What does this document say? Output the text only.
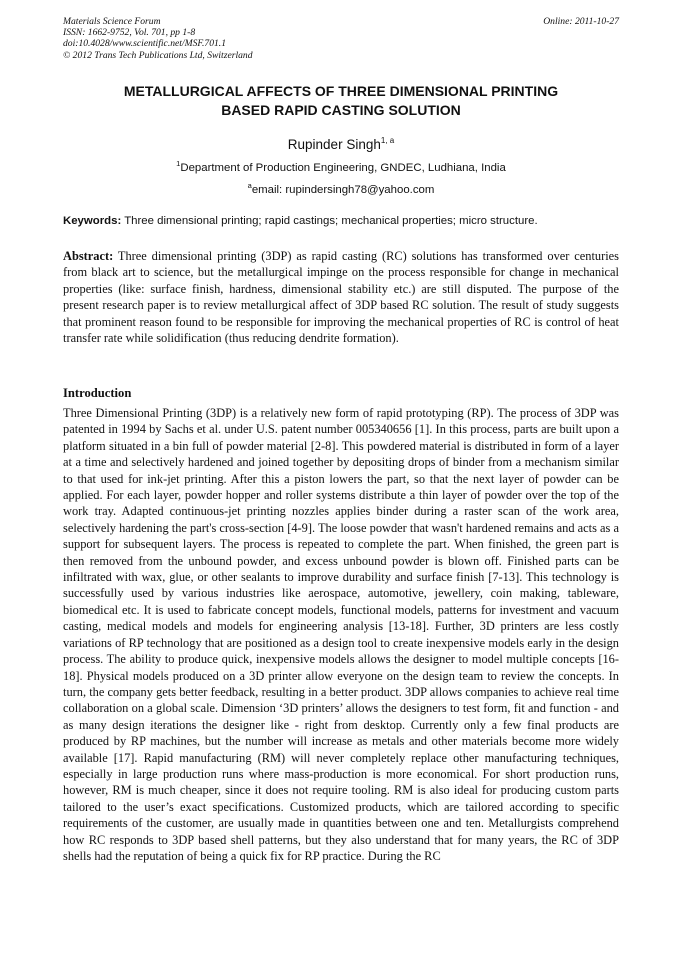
Materials Science Forum
ISSN: 1662-9752, Vol. 701, pp 1-8
doi:10.4028/www.scientific.net/MSF.701.1
© 2012 Trans Tech Publications Ltd, Switzerland
Online: 2011-10-27
METALLURGICAL AFFECTS OF THREE DIMENSIONAL PRINTING
BASED RAPID CASTING SOLUTION
Rupinder Singh$^{1, a}$
$^1$Department of Production Engineering, GNDEC, Ludhiana, India
$^a$email: rupindersingh78@yahoo.com
Keywords: Three dimensional printing; rapid castings; mechanical properties; micro structure.
Abstract: Three dimensional printing (3DP) as rapid casting (RC) solutions has transformed over centuries from black art to science, but the metallurgical impinge on the process responsible for change in mechanical properties (like: surface finish, hardness, dimensional stability etc.) are still disputed. The purpose of the present research paper is to review metallurgical affect of 3DP based RC solution. The result of study suggests that prominent reason found to be responsible for improving the mechanical properties of RC is control of heat transfer rate while solidification (thus reducing dendrite formation).
Introduction
Three Dimensional Printing (3DP) is a relatively new form of rapid prototyping (RP). The process of 3DP was patented in 1994 by Sachs et al. under U.S. patent number 005340656 [1]. In this process, parts are built upon a platform situated in a bin full of powder material [2-8]. This powdered material is distributed in form of a layer at a time and selectively hardened and joined together by depositing drops of binder from a mechanism similar to that used for ink-jet printing. After this a piston lowers the part, so that the next layer of powder can be applied. For each layer, powder hopper and roller systems distribute a thin layer of powder over the top of the work tray. Adapted continuous-jet printing nozzles applies binder during a raster scan of the work area, selectively hardening the part's cross-section [4-9]. The loose powder that wasn't hardened remains and acts as a support for subsequent layers. The process is repeated to complete the part. When finished, the green part is then removed from the unbound powder, and excess unbound powder is blown off. Finished parts can be infiltrated with wax, glue, or other sealants to improve durability and surface finish [7-13]. This technology is successfully used by various industries like aerospace, automotive, jewellery, coin making, tableware, biomedical etc. It is used to fabricate concept models, functional models, patterns for investment and vacuum casting, medical models and models for engineering analysis [13-18]. Further, 3D printers are less costly variations of RP technology that are positioned as a design tool to create inexpensive models early in the design process. The ability to produce quick, inexpensive models allows the designer to model multiple concepts [16-18]. Physical models produced on a 3D printer allow everyone on the design team to review the concepts. In turn, the company gets better feedback, resulting in a better product. 3DP allows companies to achieve real time collaboration on a global scale. Dimension ‘3D printers’ allows the designers to test form, fit and function - and as many design iterations the designer like - right from desktop. Currently only a few final products are produced by RP machines, but the number will increase as metals and other materials become more widely available [17]. Rapid manufacturing (RM) will never completely replace other manufacturing techniques, especially in large production runs where mass-production is more economical. For short production runs, however, RM is much cheaper, since it does not require tooling. RM is also ideal for producing custom parts tailored to the user’s exact specifications. Customized products, which are tailored according to specific requirements of the customer, are usually made in quantities between one and ten. Metallurgists comprehend how RC responds to 3DP based shell patterns, but they also understand that for many years, the RC of 3DP shells had the reputation of being a quick fix for RP practice. During the RC
